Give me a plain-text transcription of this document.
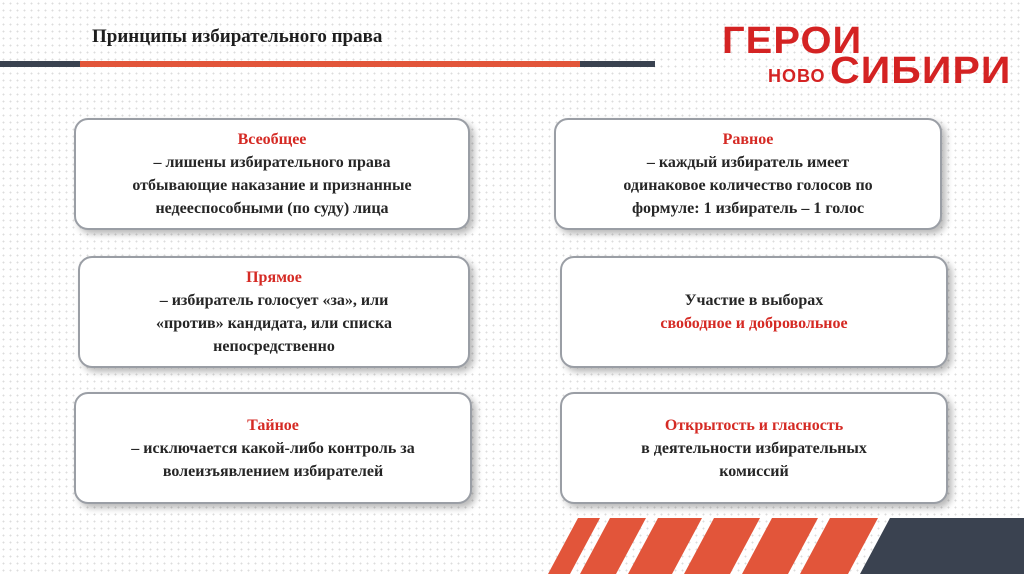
Принципы избирательного права	ГЕРОИ
НОВО СИБИРИ
Всеобщее
– лишены избирательного права
отбывающие наказание и признанные
недееспособными (по суду) лица
Равное
– каждый избиратель имеет
одинаковое количество голосов по
формуле: 1 избиратель – 1 голос
Прямое
– избиратель голосует «за», или
«против» кандидата, или списка
непосредственно
Участие в выборах
свободное и добровольное
Тайное
– исключается какой-либо контроль за
волеизъявлением избирателей
Открытость и гласность
в деятельности избирательных
комиссий
